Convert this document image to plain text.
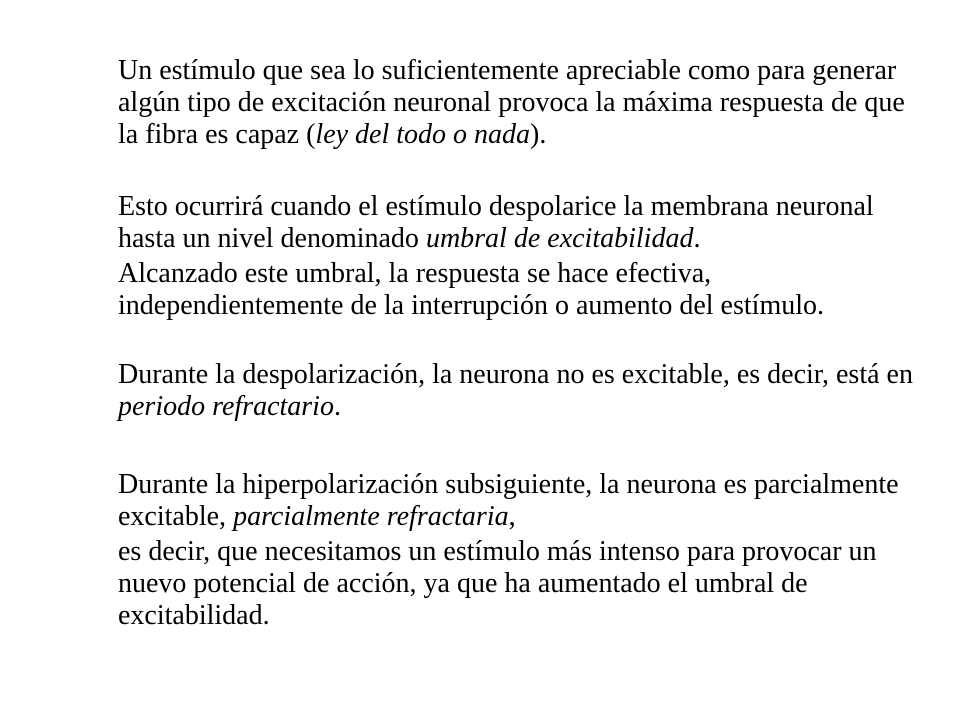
Un estímulo que sea lo suficientemente apreciable como para generar algún tipo de excitación neuronal provoca la máxima respuesta de que la fibra es capaz (ley del todo o nada).

Esto ocurrirá cuando el estímulo despolarice la membrana neuronal hasta un nivel denominado umbral de excitabilidad.

Alcanzado este umbral, la respuesta se hace efectiva, independientemente de la interrupción o aumento del estímulo.

Durante la despolarización, la neurona no es excitable, es decir, está en periodo refractario.

Durante la hiperpolarización subsiguiente, la neurona es parcialmente excitable, parcialmente refractaria,

es decir, que necesitamos un estímulo más intenso para provocar un nuevo potencial de acción, ya que ha aumentado el umbral de excitabilidad.
